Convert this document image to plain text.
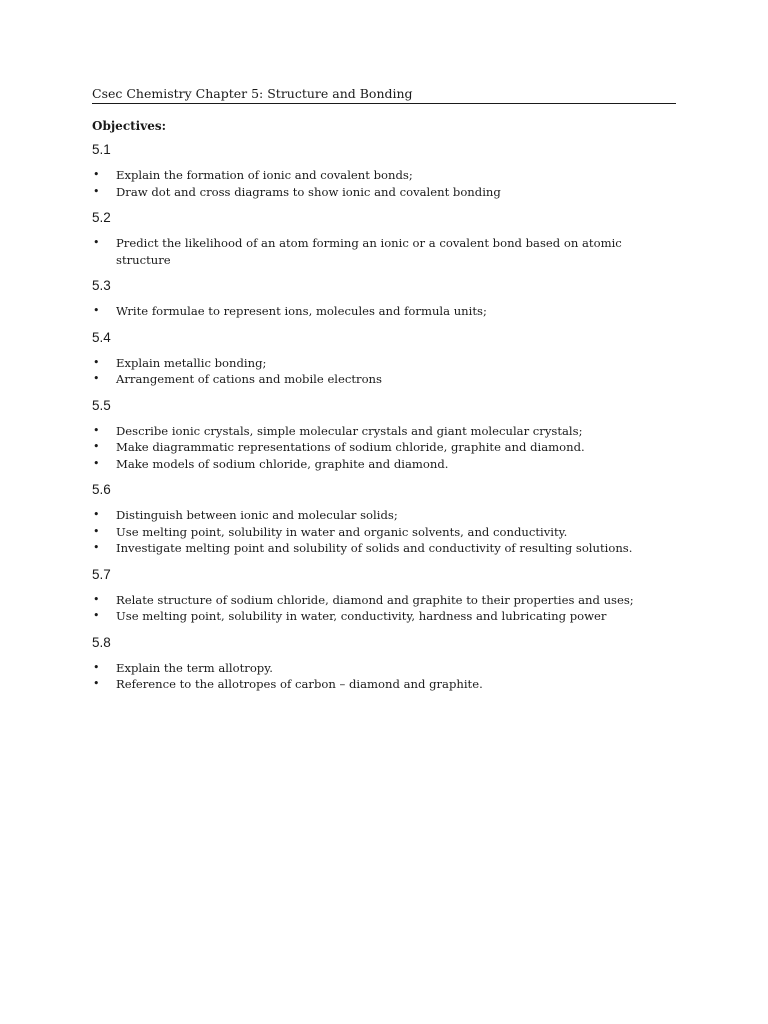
Csec Chemistry Chapter 5: Structure and Bonding
Objectives:
5.1
• Explain the formation of ionic and covalent bonds;
• Draw dot and cross diagrams to show ionic and covalent bonding
5.2
• Predict the likelihood of an atom forming an ionic or a covalent bond based on atomic structure
5.3
• Write formulae to represent ions, molecules and formula units;
5.4
• Explain metallic bonding;
• Arrangement of cations and mobile electrons
5.5
• Describe ionic crystals, simple molecular crystals and giant molecular crystals;
• Make diagrammatic representations of sodium chloride, graphite and diamond.
• Make models of sodium chloride, graphite and diamond.
5.6
• Distinguish between ionic and molecular solids;
• Use melting point, solubility in water and organic solvents, and conductivity.
• Investigate melting point and solubility of solids and conductivity of resulting solutions.
5.7
• Relate structure of sodium chloride, diamond and graphite to their properties and uses;
• Use melting point, solubility in water, conductivity, hardness and lubricating power
5.8
• Explain the term allotropy.
• Reference to the allotropes of carbon – diamond and graphite.
